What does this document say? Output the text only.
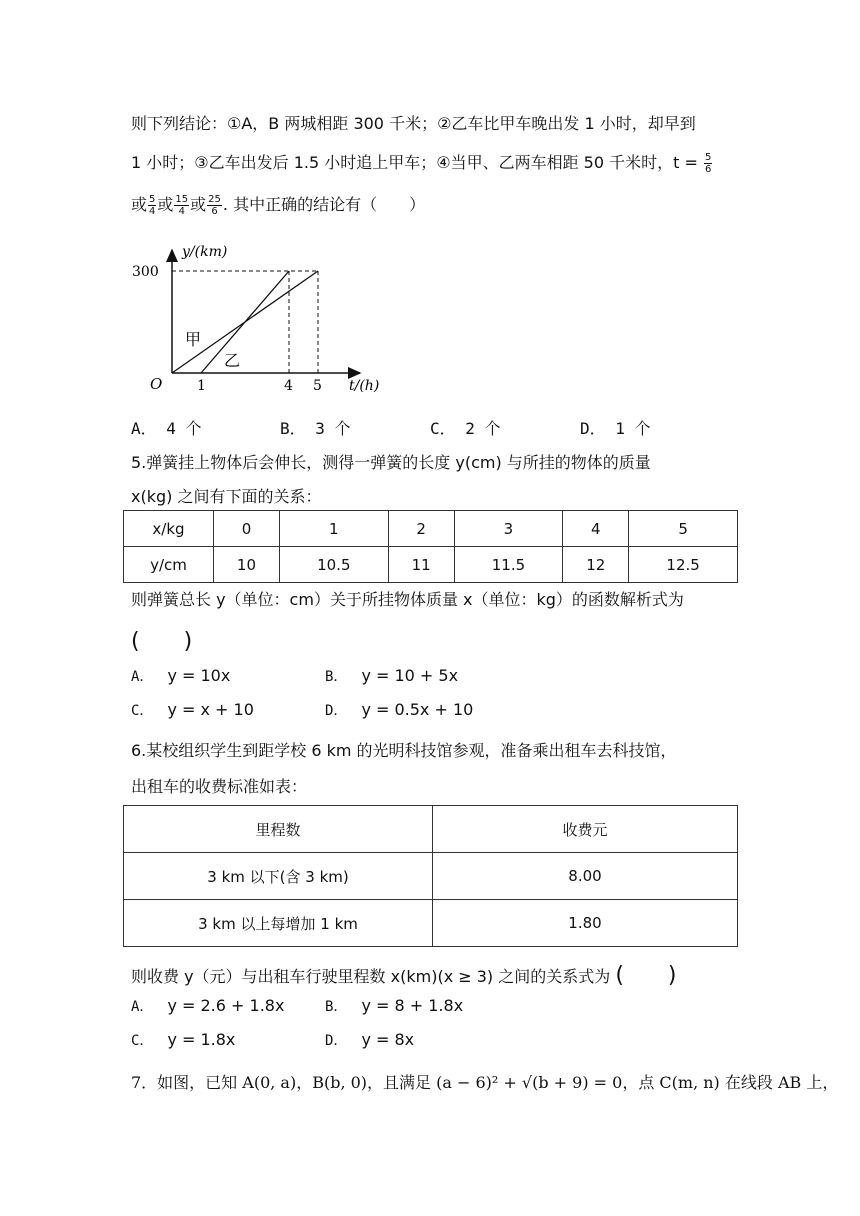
则下列结论：①A，B 两城相距 300 千米；②乙车比甲车晚出发 1 小时，却早到
1 小时；③乙车出发后 1.5 小时追上甲车；④当甲、乙两车相距 50 千米时，$t = \frac{5}{6}$
或 $\frac{5}{4}$ 或 $\frac{15}{4}$ 或 $\frac{25}{6}$ . 其中正确的结论有（　　）
y/(km)
t/(h)
O
300
1	4 5
甲
乙
A． 4 个	B． 3 个	C． 2 个	D． 1 个
5.弹簧挂上物体后会伸长，测得一弹簧的长度 y(cm) 与所挂的物体的质量
x(kg) 之间有下面的关系：
x/kg	0	1	2	3	4	5
y/cm	10	10.5	11	11.5	12	12.5
则弹簧总长 y（单位：cm）关于所挂物体质量 x（单位：kg）的函数解析式为
(　　)
A． y = 10x	B． y = 10 + 5x
C． y = x + 10	D． y = 0.5x + 10
6.某校组织学生到距学校 6 km 的光明科技馆参观，准备乘出租车去科技馆，
出租车的收费标准如表：
里程数	收费元
3 km 以下(含 3 km)	8.00
3 km 以上每增加 1 km	1.80
则收费 y（元）与出租车行驶里程数 x(km)(x ≥ 3) 之间的关系式为 (　　)
A． y = 2.6 + 1.8x	B． y = 8 + 1.8x
C． y = 1.8x	D． y = 8x
7．如图，已知 A(0, a)，B(b, 0)，且满足 (a − 6)² + √(b + 9) = 0，点 C(m, n) 在线段 AB 上，
